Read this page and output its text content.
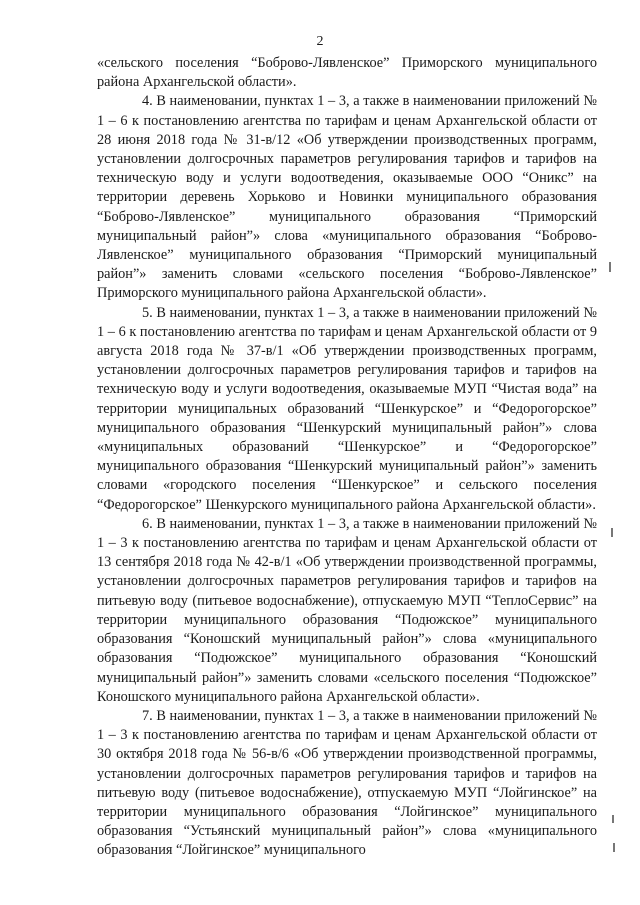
2

«сельского поселения “Боброво-Лявленское” Приморского муниципального района Архангельской области».

4. В наименовании, пунктах 1 – 3, а также в наименовании приложений № 1 – 6 к постановлению агентства по тарифам и ценам Архангельской области от 28 июня 2018 года № 31-в/12 «Об утверждении производственных программ, установлении долгосрочных параметров регулирования тарифов и тарифов на техническую воду и услуги водоотведения, оказываемые ООО “Оникс” на территории деревень Хорьково и Новинки муниципального образования “Боброво-Лявленское” муниципального образования “Приморский муниципальный район”» слова «муниципального образования “Боброво-Лявленское” муниципального образования “Приморский муниципальный район”» заменить словами «сельского поселения “Боброво-Лявленское” Приморского муниципального района Архангельской области».

5. В наименовании, пунктах 1 – 3, а также в наименовании приложений № 1 – 6 к постановлению агентства по тарифам и ценам Архангельской области от 9 августа 2018 года № 37-в/1 «Об утверждении производственных программ, установлении долгосрочных параметров регулирования тарифов и тарифов на техническую воду и услуги водоотведения, оказываемые МУП “Чистая вода” на территории муниципальных образований “Шенкурское” и “Федорогорское” муниципального образования “Шенкурский муниципальный район”» слова «муниципальных образований “Шенкурское” и “Федорогорское” муниципального образования “Шенкурский муниципальный район”» заменить словами «городского поселения “Шенкурское” и сельского поселения “Федорогорское” Шенкурского муниципального района Архангельской области».

6. В наименовании, пунктах 1 – 3, а также в наименовании приложений № 1 – 3 к постановлению агентства по тарифам и ценам Архангельской области от 13 сентября 2018 года № 42-в/1 «Об утверждении производственной программы, установлении долгосрочных параметров регулирования тарифов и тарифов на питьевую воду (питьевое водоснабжение), отпускаемую МУП “ТеплоСервис” на территории муниципального образования “Подюжское” муниципального образования “Коношский муниципальный район”» слова «муниципального образования “Подюжское” муниципального образования “Коношский муниципальный район”» заменить словами «сельского поселения “Подюжское” Коношского муниципального района Архангельской области».

7. В наименовании, пунктах 1 – 3, а также в наименовании приложений № 1 – 3 к постановлению агентства по тарифам и ценам Архангельской области от 30 октября 2018 года № 56-в/6 «Об утверждении производственной программы, установлении долгосрочных параметров регулирования тарифов и тарифов на питьевую воду (питьевое водоснабжение), отпускаемую МУП “Лойгинское” на территории муниципального образования “Лойгинское” муниципального образования “Устьянский муниципальный район”» слова «муниципального образования “Лойгинское” муниципального
